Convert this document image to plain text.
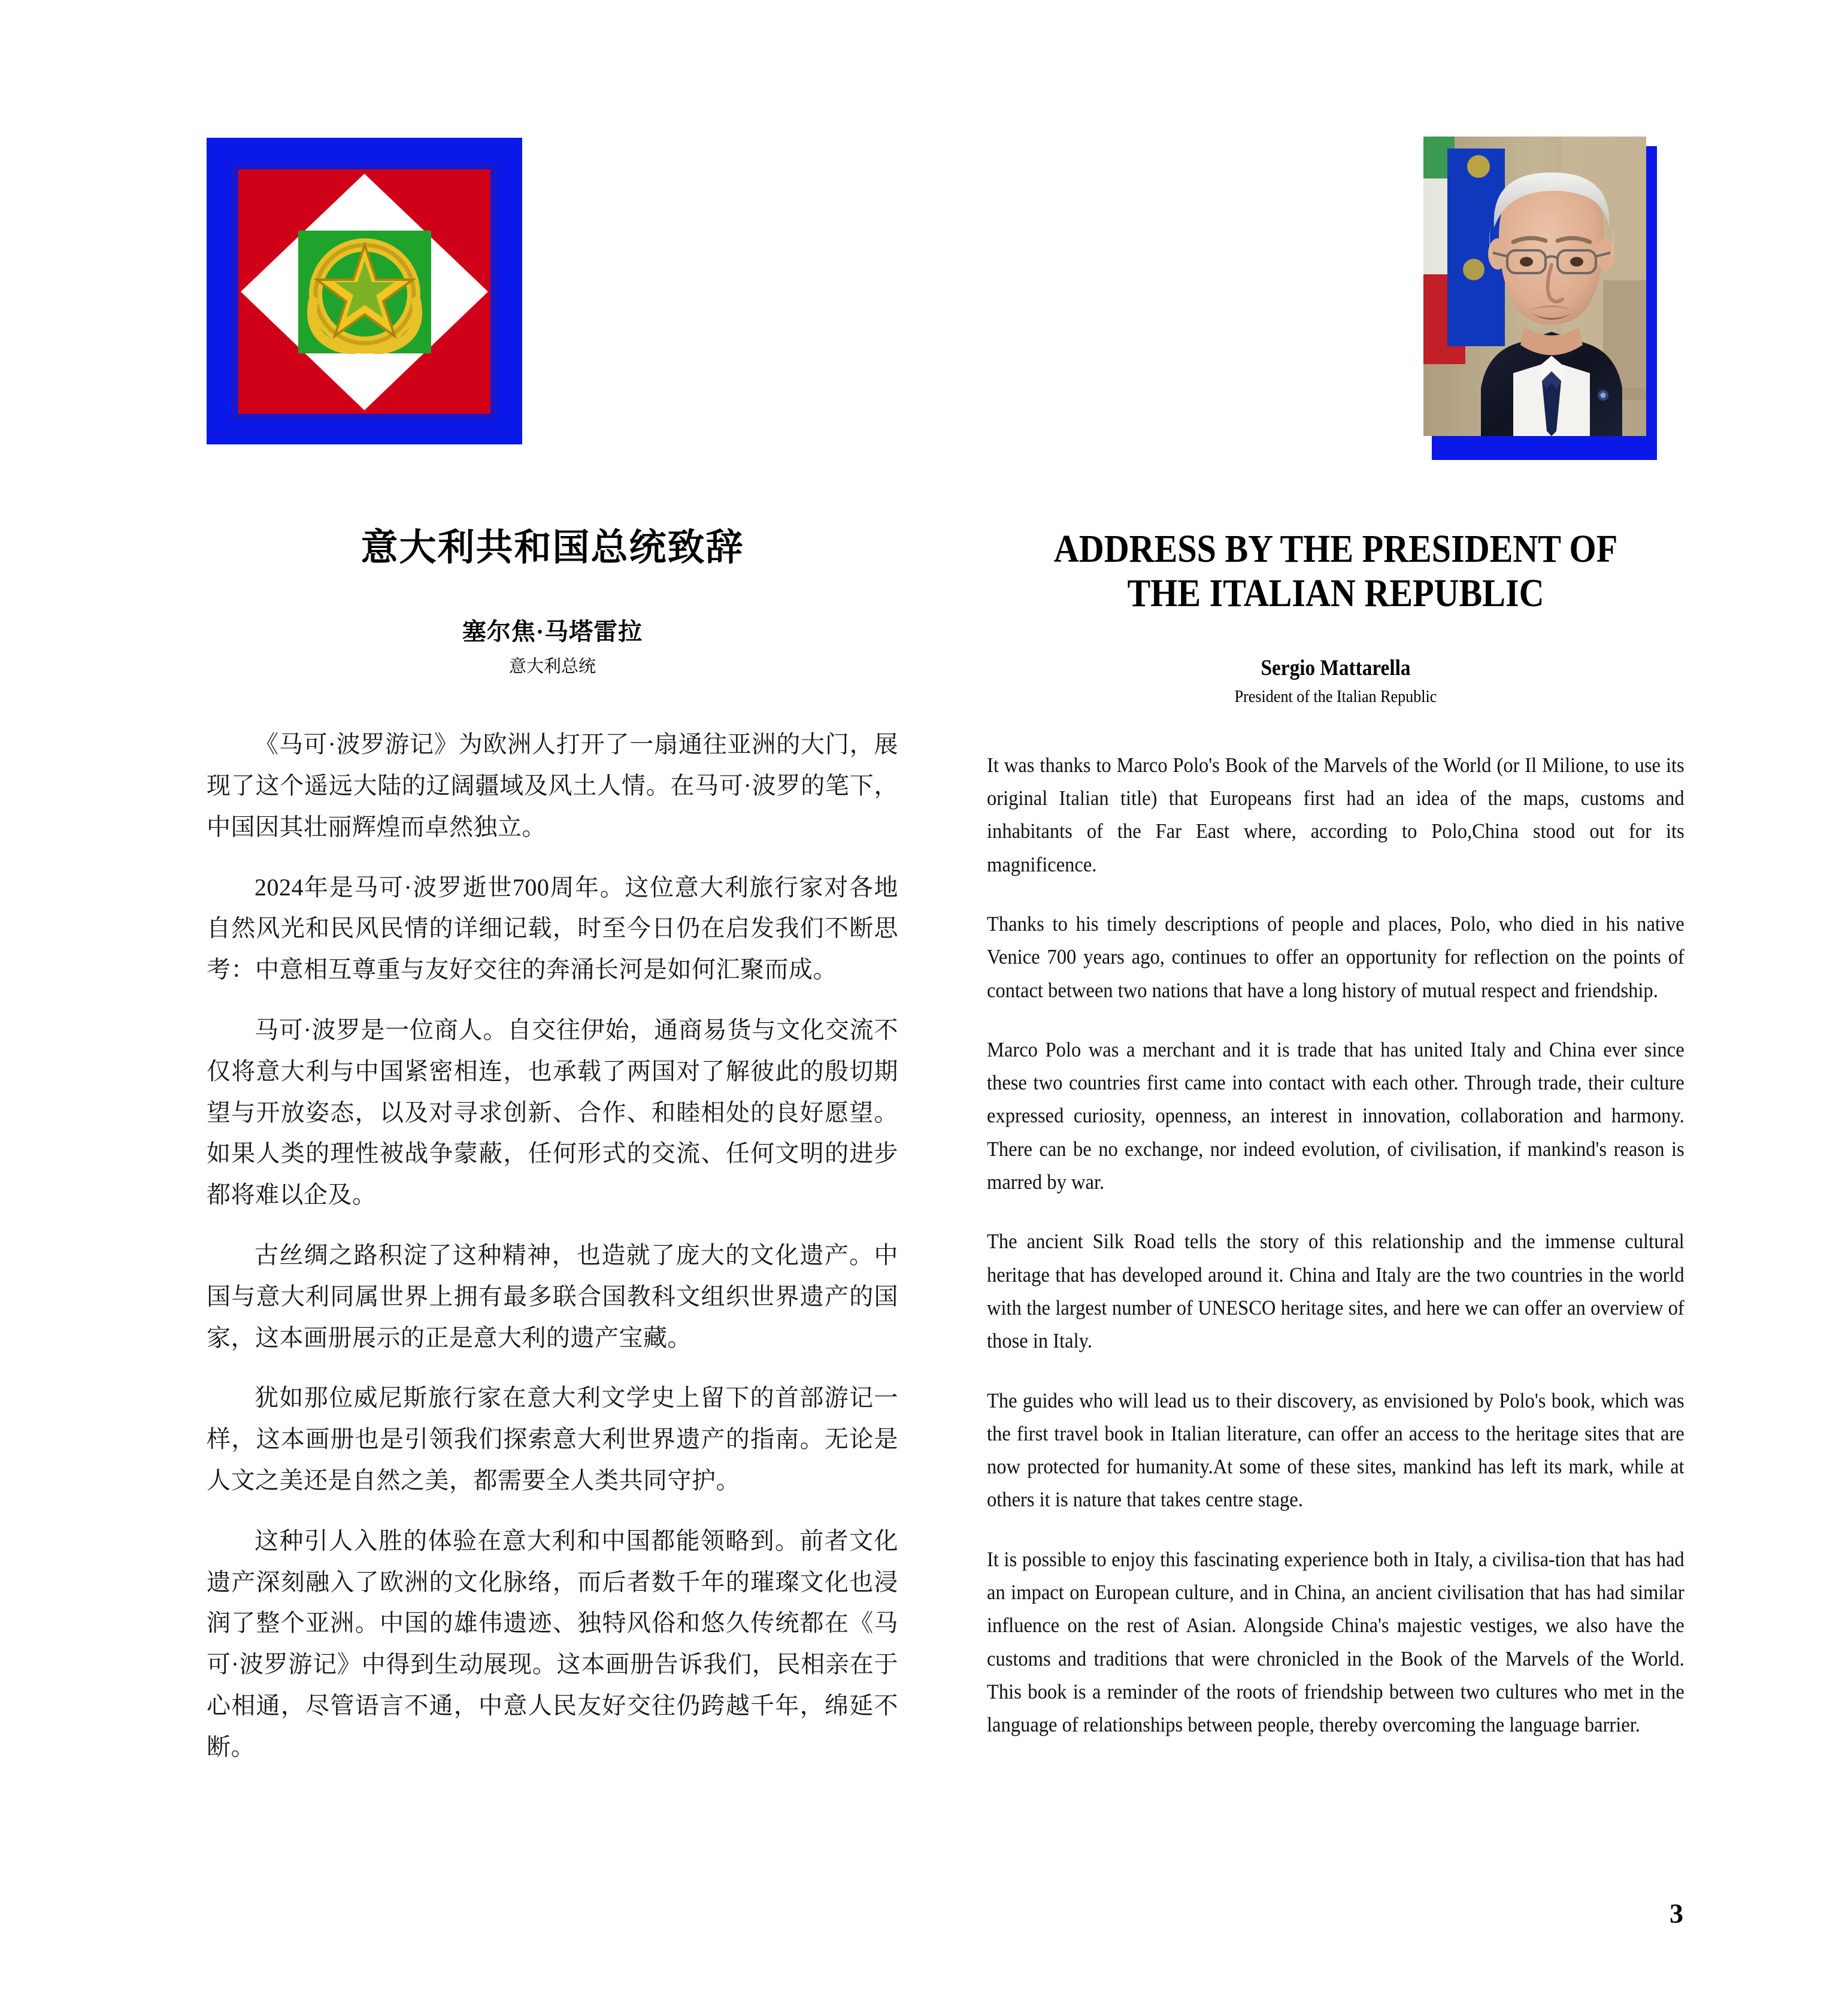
意大利共和国总统致辞
塞尔焦·马塔雷拉
意大利总统

《马可·波罗游记》为欧洲人打开了一扇通往亚洲的大门，展现了这个遥远大陆的辽阔疆域及风土人情。在马可·波罗的笔下，中国因其壮丽辉煌而卓然独立。

2024年是马可·波罗逝世700周年。这位意大利旅行家对各地自然风光和民风民情的详细记载，时至今日仍在启发我们不断思考：中意相互尊重与友好交往的奔涌长河是如何汇聚而成。

马可·波罗是一位商人。自交往伊始，通商易货与文化交流不仅将意大利与中国紧密相连，也承载了两国对了解彼此的殷切期望与开放姿态，以及对寻求创新、合作、和睦相处的良好愿望。如果人类的理性被战争蒙蔽，任何形式的交流、任何文明的进步都将难以企及。

古丝绸之路积淀了这种精神，也造就了庞大的文化遗产。中国与意大利同属世界上拥有最多联合国教科文组织世界遗产的国家，这本画册展示的正是意大利的遗产宝藏。

犹如那位威尼斯旅行家在意大利文学史上留下的首部游记一样，这本画册也是引领我们探索意大利世界遗产的指南。无论是人文之美还是自然之美，都需要全人类共同守护。

这种引人入胜的体验在意大利和中国都能领略到。前者文化遗产深刻融入了欧洲的文化脉络，而后者数千年的璀璨文化也浸润了整个亚洲。中国的雄伟遗迹、独特风俗和悠久传统都在《马可·波罗游记》中得到生动展现。这本画册告诉我们，民相亲在于心相通，尽管语言不通，中意人民友好交往仍跨越千年，绵延不断。

ADDRESS BY THE PRESIDENT OF THE ITALIAN REPUBLIC
Sergio Mattarella
President of the Italian Republic

It was thanks to Marco Polo's Book of the Marvels of the World (or Il Milione, to use its original Italian title) that Europeans first had an idea of the maps, customs and inhabitants of the Far East where, according to Polo,China stood out for its magnificence.

Thanks to his timely descriptions of people and places, Polo, who died in his native Venice 700 years ago, continues to offer an opportunity for reflection on the points of contact between two nations that have a long history of mutual respect and friendship.

Marco Polo was a merchant and it is trade that has united Italy and China ever since these two countries first came into contact with each other. Through trade, their culture expressed curiosity, openness, an interest in innovation, collaboration and harmony. There can be no exchange, nor indeed evolution, of civilisation, if mankind's reason is marred by war.

The ancient Silk Road tells the story of this relationship and the immense cultural heritage that has developed around it. China and Italy are the two countries in the world with the largest number of UNESCO heritage sites, and here we can offer an overview of those in Italy.

The guides who will lead us to their discovery, as envisioned by Polo's book, which was the first travel book in Italian literature, can offer an access to the heritage sites that are now protected for humanity.At some of these sites, mankind has left its mark, while at others it is nature that takes centre stage.

It is possible to enjoy this fascinating experience both in Italy, a civilisa-tion that has had an impact on European culture, and in China, an ancient civilisation that has had similar influence on the rest of Asian. Alongside China's majestic vestiges, we also have the customs and traditions that were chronicled in the Book of the Marvels of the World. This book is a reminder of the roots of friendship between two cultures who met in the language of relationships between people, thereby overcoming the language barrier.

3
